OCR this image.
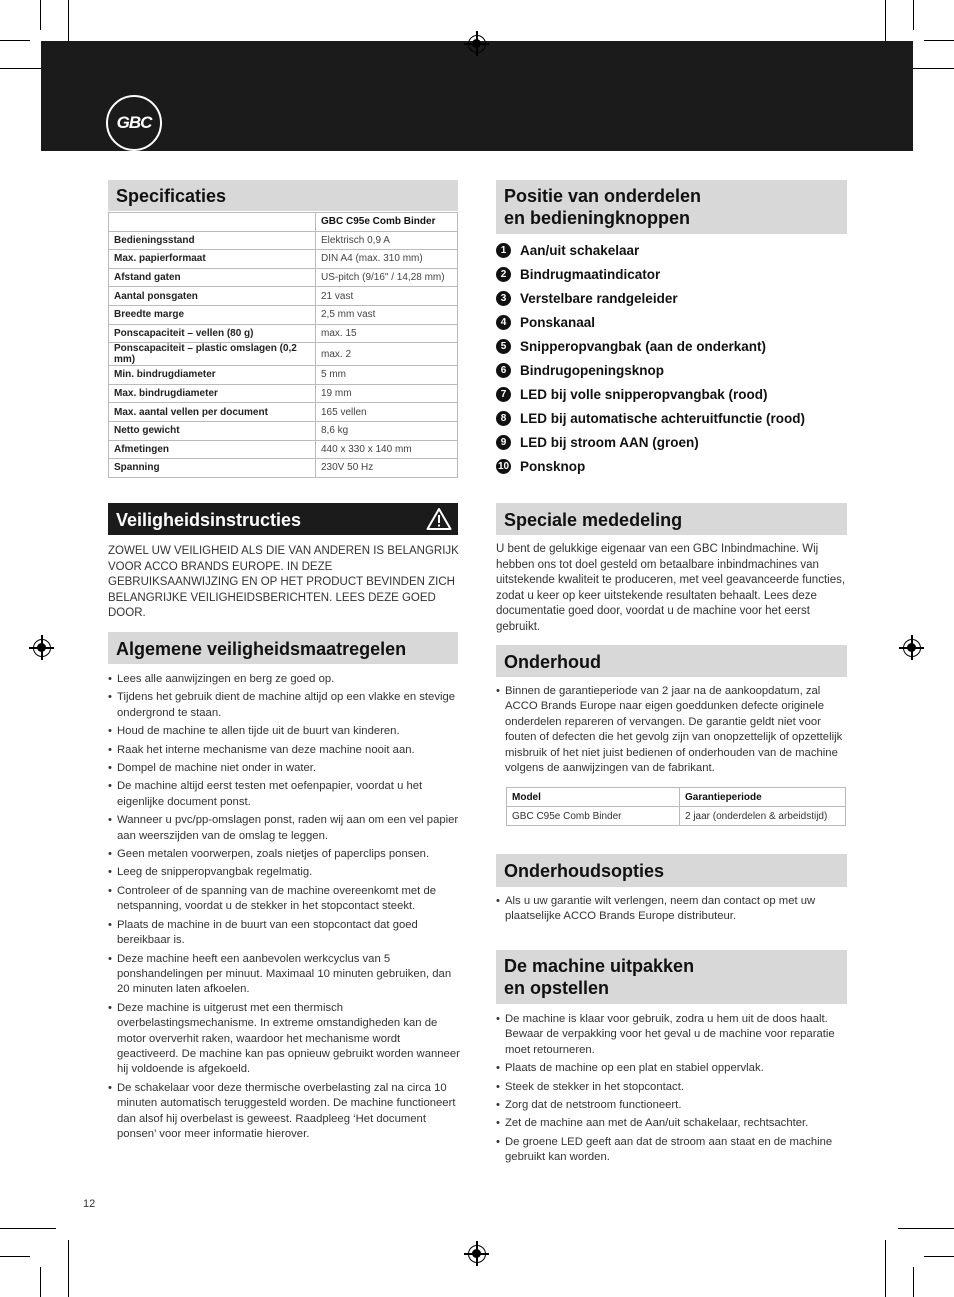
GBC
Specificaties
	GBC C95e Comb Binder
Bedieningsstand	Elektrisch 0,9 A
Max. papierformaat	DIN A4 (max. 310 mm)
Afstand gaten	US-pitch (9/16" / 14,28 mm)
Aantal ponsgaten	21 vast
Breedte marge	2,5 mm vast
Ponscapaciteit – vellen (80 g)	max. 15
Ponscapaciteit – plastic omslagen (0,2 mm)	max. 2
Min. bindrugdiameter	5 mm
Max. bindrugdiameter	19 mm
Max. aantal vellen per document	165 vellen
Netto gewicht	8,6 kg
Afmetingen	440 x 330 x 140 mm
Spanning	230V 50 Hz
Positie van onderdelen
en bedieningknoppen
1	Aan/uit schakelaar
2	Bindrugmaatindicator
3	Verstelbare randgeleider
4	Ponskanaal
5	Snipperopvangbak (aan de onderkant)
6	Bindrugopeningsknop
7	LED bij volle snipperopvangbak (rood)
8	LED bij automatische achteruitfunctie (rood)
9	LED bij stroom AAN (groen)
10 Ponsknop
Veiligheidsinstructies

ZOWEL UW VEILIGHEID ALS DIE VAN ANDEREN IS BELANGRIJK VOOR ACCO BRANDS EUROPE. IN DEZE GEBRUIKSAANWIJZING EN OP HET PRODUCT BEVINDEN ZICH BELANGRIJKE VEILIGHEIDSBERICHTEN. LEES DEZE GOED DOOR.

Speciale mededeling

U bent de gelukkige eigenaar van een GBC Inbindmachine. Wij hebben ons tot doel gesteld om betaalbare inbindmachines van uitstekende kwaliteit te produceren, met veel geavanceerde functies, zodat u keer op keer uitstekende resultaten behaalt. Lees deze documentatie goed door, voordat u de machine voor het eerst gebruikt.

Algemene veiligheidsmaatregelen
• Lees alle aanwijzingen en berg ze goed op.
• Tijdens het gebruik dient de machine altijd op een vlakke en stevige ondergrond te staan.
• Houd de machine te allen tijde uit de buurt van kinderen.
• Raak het interne mechanisme van deze machine nooit aan.
• Dompel de machine niet onder in water.
• De machine altijd eerst testen met oefenpapier, voordat u het eigenlijke document ponst.
• Wanneer u pvc/pp-omslagen ponst, raden wij aan om een vel papier aan weerszijden van de omslag te leggen.
• Geen metalen voorwerpen, zoals nietjes of paperclips ponsen.
• Leeg de snipperopvangbak regelmatig.
• Controleer of de spanning van de machine overeenkomt met de netspanning, voordat u de stekker in het stopcontact steekt.
• Plaats de machine in de buurt van een stopcontact dat goed bereikbaar is.
• Deze machine heeft een aanbevolen werkcyclus van 5 ponshandelingen per minuut. Maximaal 10 minuten gebruiken, dan 20 minuten laten afkoelen.
• Deze machine is uitgerust met een thermisch overbelastingsmechanisme. In extreme omstandigheden kan de motor oververhit raken, waardoor het mechanisme wordt geactiveerd. De machine kan pas opnieuw gebruikt worden wanneer hij voldoende is afgekoeld.
• De schakelaar voor deze thermische overbelasting zal na circa 10 minuten automatisch teruggesteld worden. De machine functioneert dan alsof hij overbelast is geweest. Raadpleeg ‘Het document ponsen’ voor meer informatie hierover.
Onderhoud
• Binnen de garantieperiode van 2 jaar na de aankoopdatum, zal ACCO Brands Europe naar eigen goeddunken defecte originele onderdelen repareren of vervangen. De garantie geldt niet voor fouten of defecten die het gevolg zijn van onopzettelijk of opzettelijk misbruik of het niet juist bedienen of onderhouden van de machine volgens de aanwijzingen van de fabrikant.
Model	Garantieperiode
GBC C95e Comb Binder	2 jaar (onderdelen & arbeidstijd)
Onderhoudsopties
• Als u uw garantie wilt verlengen, neem dan contact op met uw plaatselijke ACCO Brands Europe distributeur.
De machine uitpakken
en opstellen
• De machine is klaar voor gebruik, zodra u hem uit de doos haalt. Bewaar de verpakking voor het geval u de machine voor reparatie moet retourneren.
• Plaats de machine op een plat en stabiel oppervlak.
• Steek de stekker in het stopcontact.
• Zorg dat de netstroom functioneert.
• Zet de machine aan met de Aan/uit schakelaar, rechtsachter.
• De groene LED geeft aan dat de stroom aan staat en de machine gebruikt kan worden.
12
